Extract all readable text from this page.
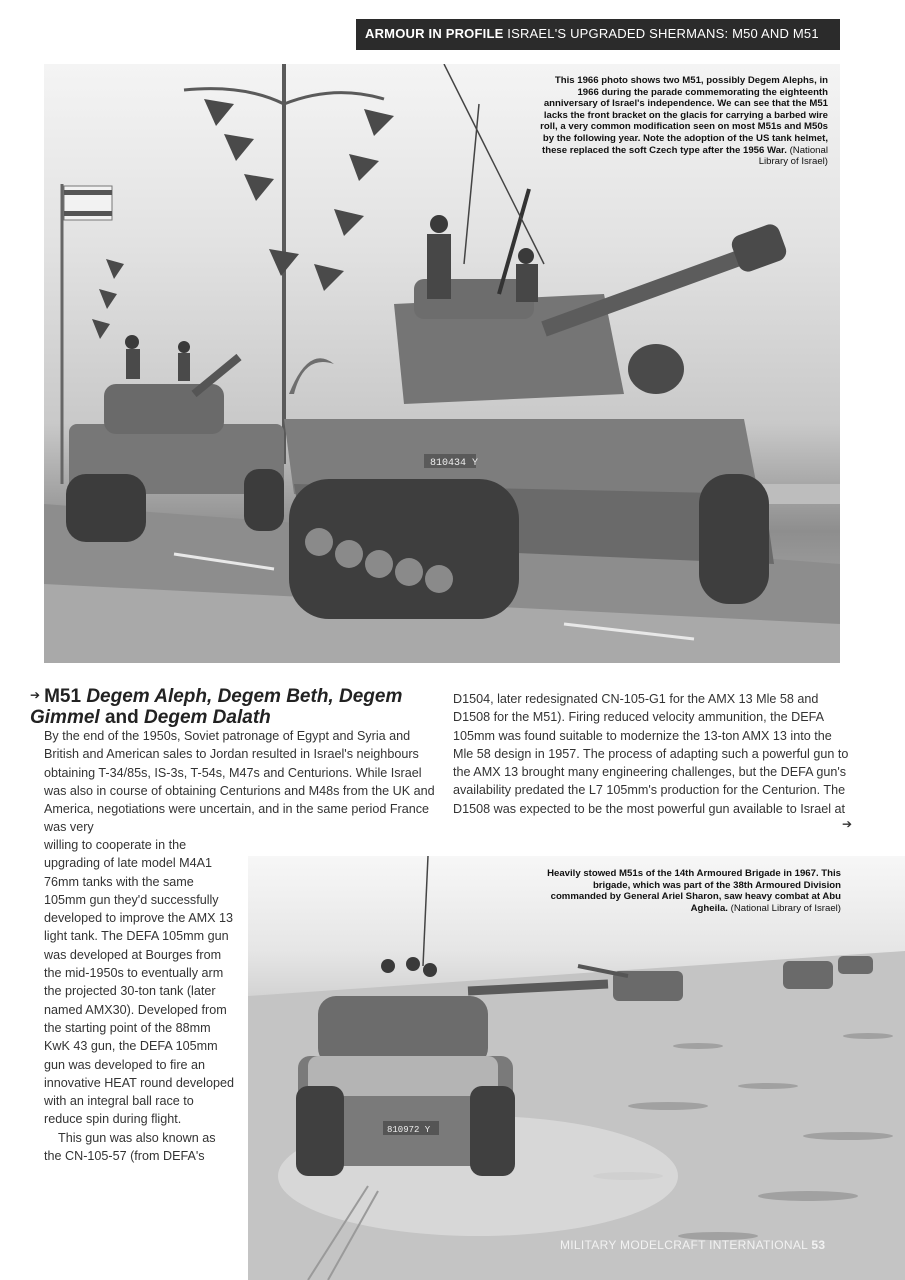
ARMOUR IN PROFILE ISRAEL'S UPGRADED SHERMANS: M50 AND M51
810434 Y
This 1966 photo shows two M51, possibly Degem Alephs, in 1966 during the parade commemorating the eighteenth anniversary of Israel's independence. We can see that the M51 lacks the front bracket on the glacis for carrying a barbed wire roll, a very common modification seen on most M51s and M50s by the following year. Note the adoption of the US tank helmet, these replaced the soft Czech type after the 1956 War. (National Library of Israel)
➔ M51 Degem Aleph, Degem Beth, Degem Gimmel and Degem Dalath

By the end of the 1950s, Soviet patronage of Egypt and Syria and British and American sales to Jordan resulted in Israel's neighbours obtaining T-34/85s, IS-3s, T-54s, M47s and Centurions. While Israel was also in course of obtaining Centurions and M48s from the UK and America, negotiations were uncertain, and in the same period France was very

willing to cooperate in the upgrading of late model M4A1 76mm tanks with the same 105mm gun they'd successfully developed to improve the AMX 13 light tank. The DEFA 105mm gun was developed at Bourges from the mid-1950s to eventually arm the projected 30-ton tank (later named AMX30). Developed from the starting point of the 88mm KwK 43 gun, the DEFA 105mm gun was developed to fire an innovative HEAT round developed with an integral ball race to reduce spin during flight.
This gun was also known as the CN-105-57 (from DEFA's

D1504, later redesignated CN-105-G1 for the AMX 13 Mle 58 and D1508 for the M51). Firing reduced velocity ammunition, the DEFA 105mm was found suitable to modernize the 13-ton AMX 13 into the Mle 58 design in 1957. The process of adapting such a powerful gun to the AMX 13 brought many engineering challenges, but the DEFA gun's availability predated the L7 105mm's production for the Centurion. The D1508 was expected to be the most powerful gun available to Israel at

➔
810972 Y
Heavily stowed M51s of the 14th Armoured Brigade in 1967. This brigade, which was part of the 38th Armoured Division commanded by General Ariel Sharon, saw heavy combat at Abu Agheila. (National Library of Israel)
MILITARY MODELCRAFT INTERNATIONAL 53
